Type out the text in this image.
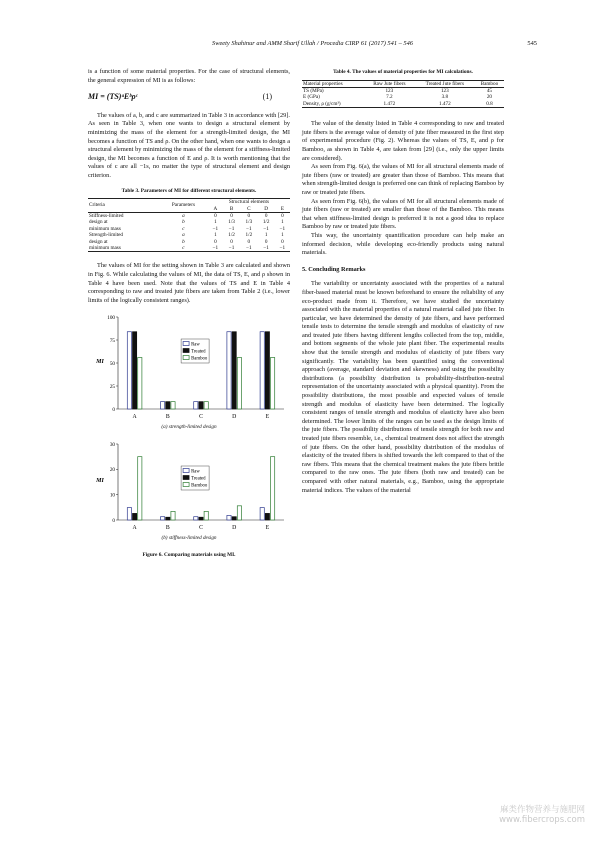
Sweety Shahinur and AMM Sharif Ullah / Procedia CIRP 61 (2017) 541 – 546	545

is a function of some material properties. For the case of structural elements, the general expression of MI is as follows:

MI = (TS)ᵃEᵇρᶜ	(1)

The values of a, b, and c are summarized in Table 3 in accordance with [29]. As seen in Table 3, when one wants to design a structural element by minimizing the mass of the element for a strength-limited design, the MI becomes a function of TS and ρ. On the other hand, when one wants to design a structural element by minimizing the mass of the element for a stiffness-limited design, the MI becomes a function of E and ρ. It is worth mentioning that the values of c are all −1s, no matter the type of structural element and design criterion.

Table 3. Parameters of MI for different structural elements.
Criteria	Parameters	Structural elements				
		A	B	C	D	E
Stiffness-limited	a	0	0	0	0	0
design at	b	1	1/3	1/3	1/2	1
minimum mass	c	−1	−1	−1	−1	−1
Strength-limited	a	1	1/2	1/2	1	1
design at	b	0	0	0	0	0
minimum mass	c	−1	−1	−1	−1	−1

The values of MI for the setting shown in Table 3 are calculated and shown in Fig. 6. While calculating the values of MI, the data of TS, E, and ρ shown in Table 4 have been used. Note that the values of TS and E in Table 4 corresponding to raw and treated jute fibers are taken from Table 2 (i.e., lower limits of the logically consistent ranges).

0
25
50
75
100
MI
A	B	C	D	E
Raw
Treated
Bamboo

(a) strength-limited design

0
10
20
30
MI
A	B	C	D	E
Raw
Treated
Bamboo

(b) stiffness-limited design

Figure 6. Comparing materials using MI.

Table 4. The values of material properties for MI calculations.
Material properties	Raw Jute fibers	Treated Jute fibers	Bamboo
TS (MPa)	123	123	45
E (GPa)	7.2	3.8	20
Density, ρ (g/cm³)	1.472	1.472	0.8

The value of the density listed in Table 4 corresponding to raw and treated jute fibers is the average value of density of jute fiber measured in the first step of experimental procedure (Fig. 2). Whereas the values of TS, E, and ρ for Bamboo, as shown in Table 4, are taken from [29] (i.e., only the upper limits are considered).

As seen from Fig. 6(a), the values of MI for all structural elements made of jute fibers (raw or treated) are greater than those of Bamboo. This means that when strength-limited design is preferred one can think of replacing Bamboo by raw or treated jute fibers.

As seen from Fig. 6(b), the values of MI for all structural elements made of jute fibers (raw or treated) are smaller than those of the Bamboo. This means that when stiffness-limited design is preferred it is not a good idea to replace Bamboo by raw or treated jute fibers.

This way, the uncertainty quantification procedure can help make an informed decision, while developing eco-friendly products using natural materials.

5. Concluding Remarks

The variability or uncertainty associated with the properties of a natural fiber-based material must be known beforehand to ensure the reliability of any eco-product made from it. Therefore, we have studied the uncertainty associated with the material properties of a natural material called jute fiber. In particular, we have determined the density of jute fibers, and have performed tensile tests to determine the tensile strength and modulus of elasticity of raw and treated jute fibers having different lengths collected from the top, middle, and bottom segments of the whole jute plant fiber. The experimental results show that the tensile strength and modulus of elasticity of jute fibers vary significantly. The variability has been quantified using the conventional approach (average, standard deviation and skewness) and using the possibility distributions (a possibility distribution is probability-distribution-neutral representation of the uncertainty associated with a physical quantity). From the possibility distributions, the most possible and expected values of tensile strength and modulus of elasticity have been determined. The logically consistent ranges of tensile strength and modulus of elasticity have also been determined. The lower limits of the ranges can be used as the design limits of the jute fibers. The possibility distributions of tensile strength for both raw and treated jute fibers resemble, i.e., chemical treatment does not affect the strength of jute fibers. On the other hand, possibility distribution of the modulus of elasticity of the treated fibers is shifted towards the left compared to that of the raw fibers. This means that the chemical treatment makes the jute fibers brittle compared to the raw ones. The jute fibers (both raw and treated) can be compared with other natural materials, e.g., Bamboo, using the appropriate material indices. The values of the material

麻类作物营养与施肥网
www.fibercrops.com
